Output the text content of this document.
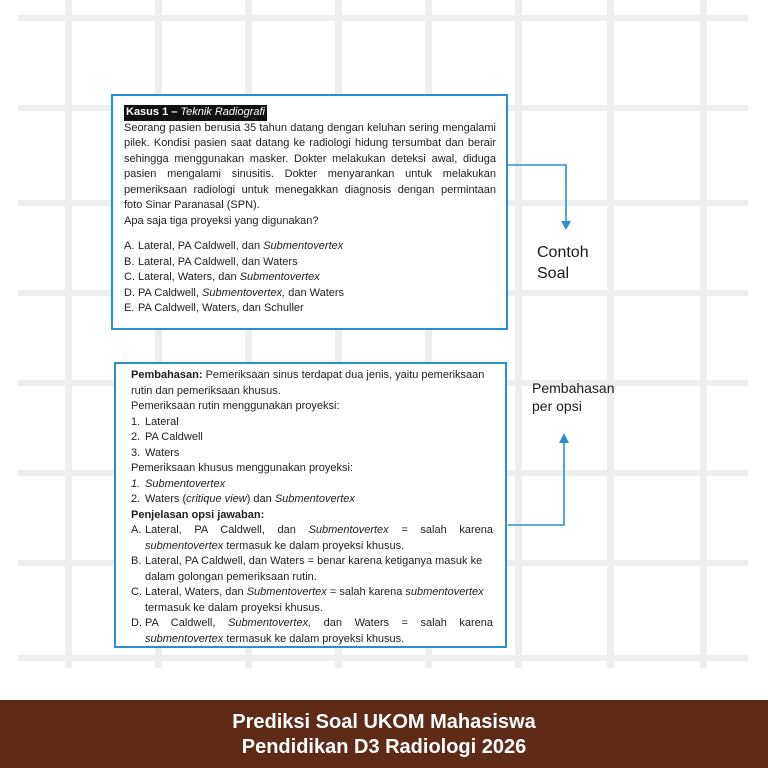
Kasus 1 – Teknik Radiografi
Seorang pasien berusia 35 tahun datang dengan keluhan sering mengalami pilek. Kondisi pasien saat datang ke radiologi hidung tersumbat dan berair sehingga menggunakan masker. Dokter melakukan deteksi awal, diduga pasien mengalami sinusitis. Dokter menyarankan untuk melakukan pemeriksaan radiologi untuk menegakkan diagnosis dengan permintaan foto Sinar Paranasal (SPN).
Apa saja tiga proyeksi yang digunakan?
A. Lateral, PA Caldwell, dan Submentovertex
B. Lateral, PA Caldwell, dan Waters
C. Lateral, Waters, dan Submentovertex
D. PA Caldwell, Submentovertex, dan Waters
E. PA Caldwell, Waters, dan Schuller
Pembahasan: Pemeriksaan sinus terdapat dua jenis, yaitu pemeriksaan rutin dan pemeriksaan khusus.
Pemeriksaan rutin menggunakan proyeksi:
1. Lateral
2. PA Caldwell
3. Waters
Pemeriksaan khusus menggunakan proyeksi:
1. Submentovertex
2. Waters (critique view) dan Submentovertex
Penjelasan opsi jawaban:
A. Lateral, PA Caldwell, dan Submentovertex = salah karena submentovertex termasuk ke dalam proyeksi khusus.
B. Lateral, PA Caldwell, dan Waters = benar karena ketiganya masuk ke dalam golongan pemeriksaan rutin.
C. Lateral, Waters, dan Submentovertex = salah karena submentovertex termasuk ke dalam proyeksi khusus.
D. PA Caldwell, Submentovertex, dan Waters = salah karena submentovertex termasuk ke dalam proyeksi khusus.
Contoh
Soal
Pembahasan
per opsi
Prediksi Soal UKOM Mahasiswa
Pendidikan D3 Radiologi 2026
